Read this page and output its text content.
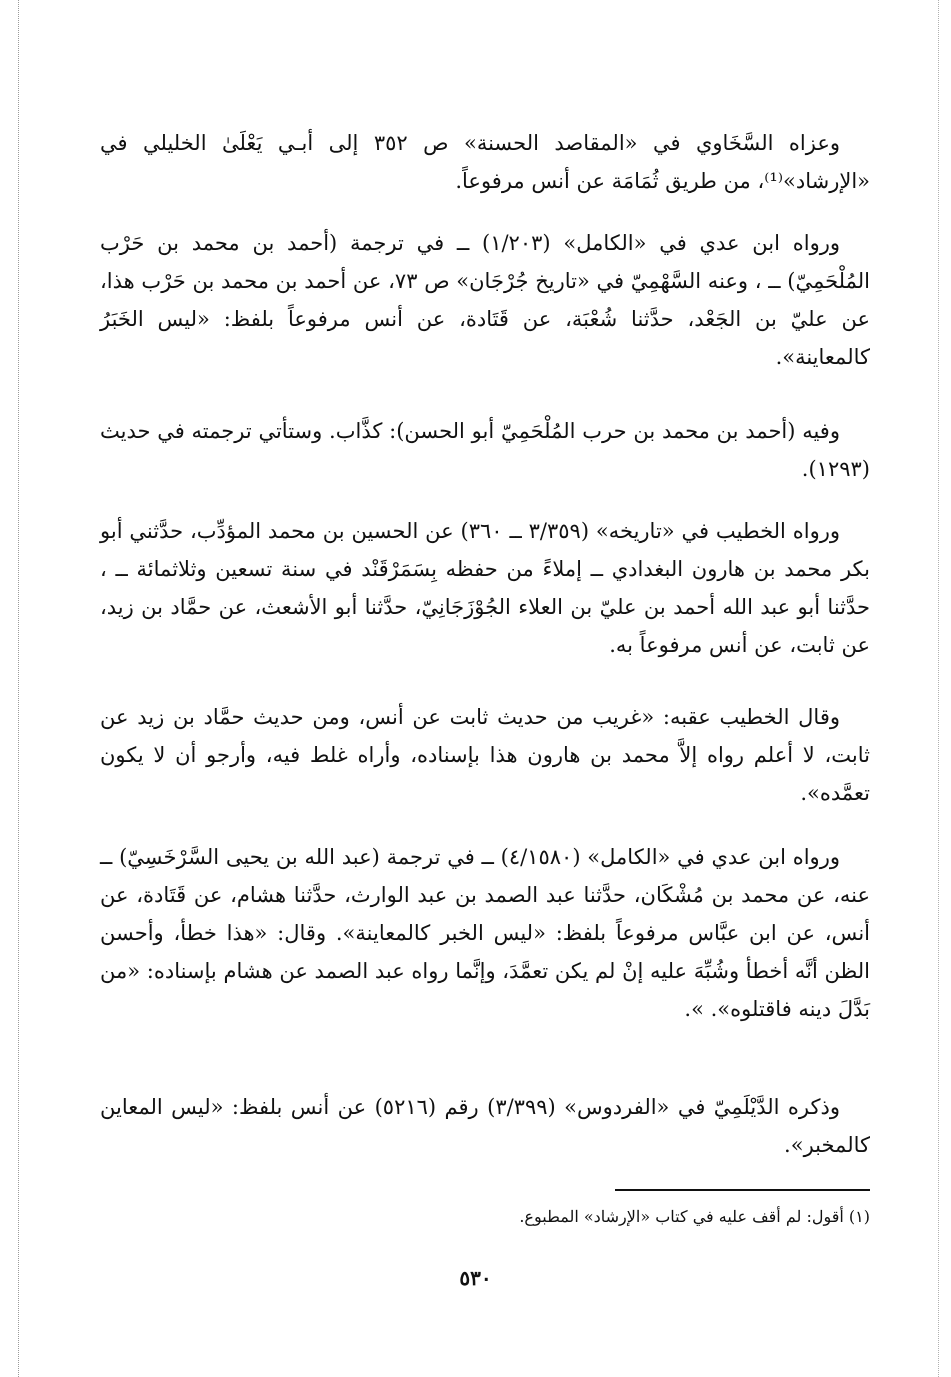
وعزاه السَّخَاوي في «المقاصد الحسنة» ص ٣٥٢ إلى أبـي يَعْلَىٰ الخليلي في «الإرشاد»⁽¹⁾، من طريق ثُمَامَة عن أنس مرفوعاً.

ورواه ابن عدي في «الكامل» (١/٢٠٣) ــ في ترجمة (أحمد بن محمد بن حَرْب المُلْحَمِيّ) ــ ، وعنه السَّهْمِيّ في «تاريخ جُرْجَان» ص ٧٣، عن أحمد بن محمد بن حَرْب هذا، عن عليّ بن الجَعْد، حدَّثنا شُعْبَة، عن قَتَادة، عن أنس مرفوعاً بلفظ: «ليس الخَبَرُ كالمعاينة».

وفيه (أحمد بن محمد بن حرب المُلْحَمِيّ أبو الحسن): كذَّاب. وستأتي ترجمته في حديث (١٢٩٣).

ورواه الخطيب في «تاريخه» (٣/٣٥٩ ــ ٣٦٠) عن الحسين بن محمد المؤدِّب، حدَّثني أبو بكر محمد بن هارون البغدادي ــ إملاءً من حفظه بِسَمَرْقَنْد في سنة تسعين وثلاثمائة ــ ، حدَّثنا أبو عبد الله أحمد بن عليّ بن العلاء الجُوْزَجَانِيّ، حدَّثنا أبو الأشعث، عن حمَّاد بن زيد، عن ثابت، عن أنس مرفوعاً به.

وقال الخطيب عقبه: «غريب من حديث ثابت عن أنس، ومن حديث حمَّاد بن زيد عن ثابت، لا أعلم رواه إلاَّ محمد بن هارون هذا بإسناده، وأراه غلط فيه، وأرجو أن لا يكون تعمَّده».

ورواه ابن عدي في «الكامل» (٤/١٥٨٠) ــ في ترجمة (عبد الله بن يحيى السَّرْخَسِيّ) ــ عنه، عن محمد بن مُشْكَان، حدَّثنا عبد الصمد بن عبد الوارث، حدَّثنا هشام، عن قَتَادة، عن أنس، عن ابن عبَّاس مرفوعاً بلفظ: «ليس الخبر كالمعاينة». وقال: «هذا خطأ، وأحسن الظن أنَّه أخطأ وشُبِّهَ عليه إنْ لم يكن تعمَّدَ، وإنَّما رواه عبد الصمد عن هشام بإسناده: «من بَدَّلَ دينه فاقتلوه». ».

وذكره الدَّيْلَمِيّ في «الفردوس» (٣/٣٩٩) رقم (٥٢١٦) عن أنس بلفظ: «ليس المعاين كالمخبر».

(١) أقول: لم أقف عليه في كتاب «الإرشاد» المطبوع.
٥٣٠
